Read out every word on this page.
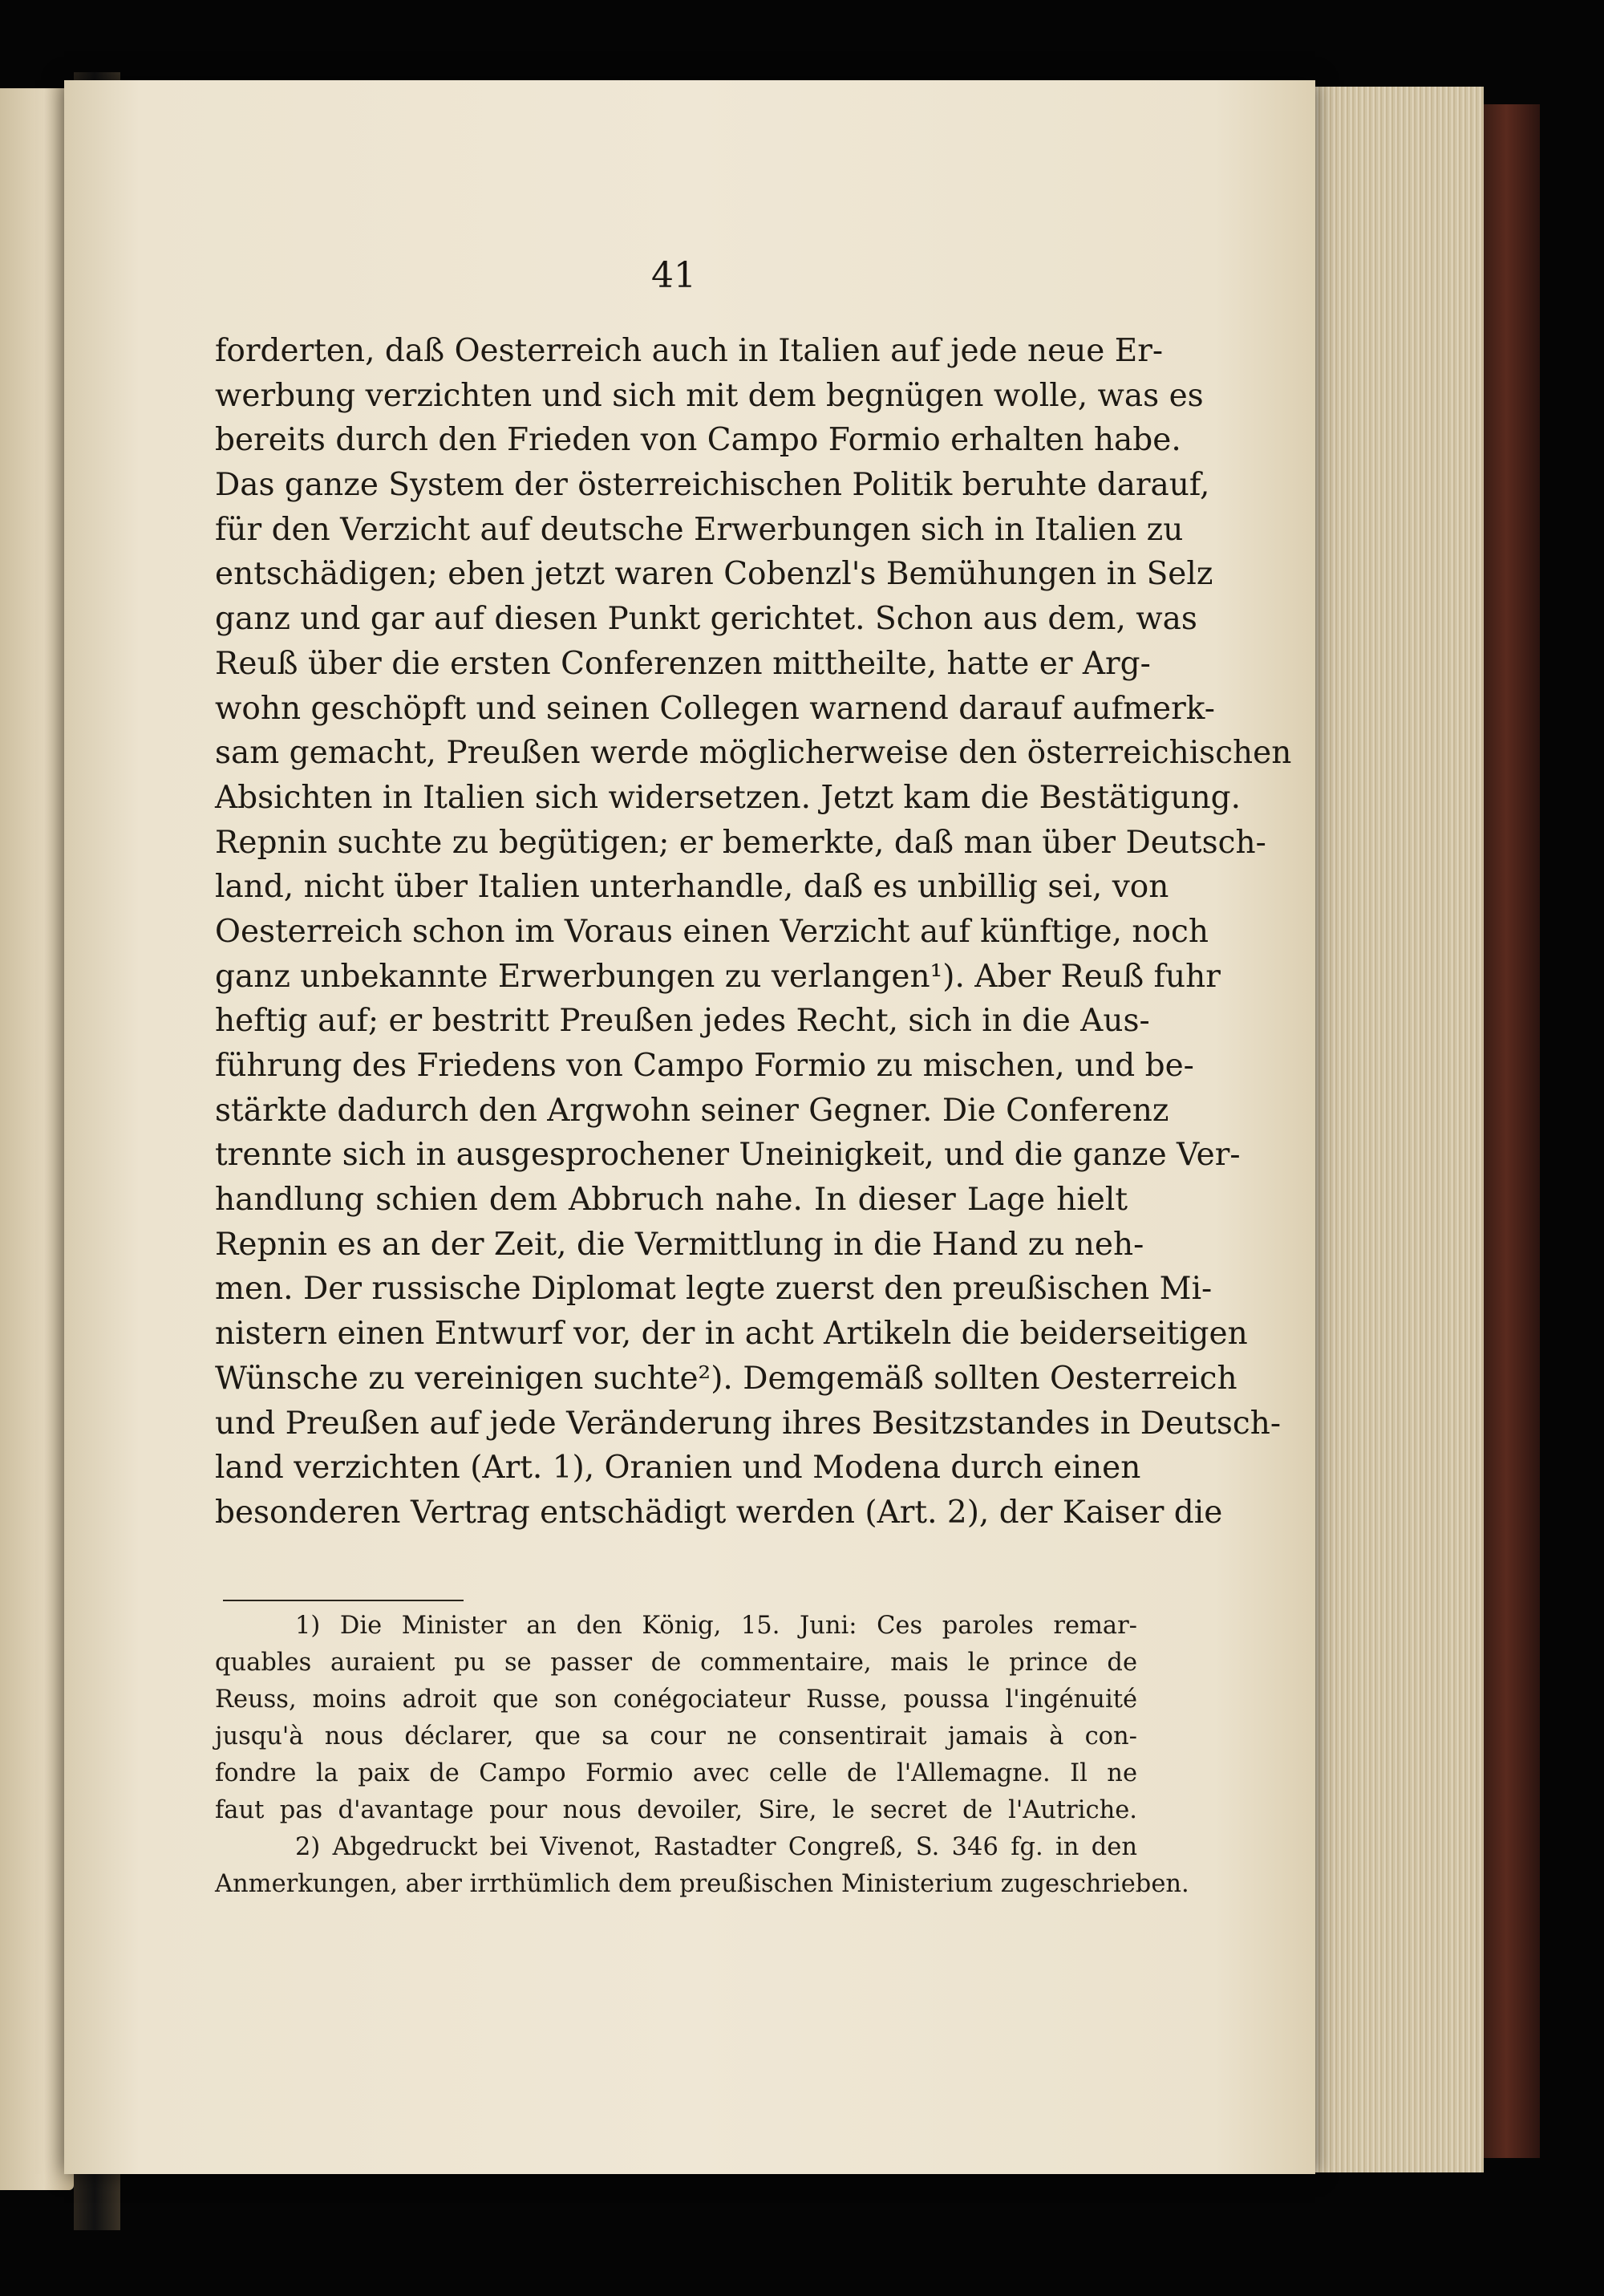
41
forderten, daß Oesterreich auch in Italien auf jede neue Er-
werbung verzichten und sich mit dem begnügen wolle, was es
bereits durch den Frieden von Campo Formio erhalten habe.
Das ganze System der österreichischen Politik beruhte darauf,
für den Verzicht auf deutsche Erwerbungen sich in Italien zu
entschädigen; eben jetzt waren Cobenzl's Bemühungen in Selz
ganz und gar auf diesen Punkt gerichtet. Schon aus dem, was
Reuß über die ersten Conferenzen mittheilte, hatte er Arg-
wohn geschöpft und seinen Collegen warnend darauf aufmerk-
sam gemacht, Preußen werde möglicherweise den österreichischen
Absichten in Italien sich widersetzen. Jetzt kam die Bestätigung.
Repnin suchte zu begütigen; er bemerkte, daß man über Deutsch-
land, nicht über Italien unterhandle, daß es unbillig sei, von
Oesterreich schon im Voraus einen Verzicht auf künftige, noch
ganz unbekannte Erwerbungen zu verlangen¹). Aber Reuß fuhr
heftig auf; er bestritt Preußen jedes Recht, sich in die Aus-
führung des Friedens von Campo Formio zu mischen, und be-
stärkte dadurch den Argwohn seiner Gegner. Die Conferenz
trennte sich in ausgesprochener Uneinigkeit, und die ganze Ver-
handlung schien dem Abbruch nahe. In dieser Lage hielt
Repnin es an der Zeit, die Vermittlung in die Hand zu neh-
men. Der russische Diplomat legte zuerst den preußischen Mi-
nistern einen Entwurf vor, der in acht Artikeln die beiderseitigen
Wünsche zu vereinigen suchte²). Demgemäß sollten Oesterreich
und Preußen auf jede Veränderung ihres Besitzstandes in Deutsch-
land verzichten (Art. 1), Oranien und Modena durch einen
besonderen Vertrag entschädigt werden (Art. 2), der Kaiser die
1) Die Minister an den König, 15. Juni: Ces paroles remar-
quables auraient pu se passer de commentaire, mais le prince de
Reuss, moins adroit que son conégociateur Russe, poussa l'ingénuité
jusqu'à nous déclarer, que sa cour ne consentirait jamais à con-
fondre la paix de Campo Formio avec celle de l'Allemagne. Il ne
faut pas d'avantage pour nous devoiler, Sire, le secret de l'Autriche.
2) Abgedruckt bei Vivenot, Rastadter Congreß, S. 346 fg. in den
Anmerkungen, aber irrthümlich dem preußischen Ministerium zugeschrieben.
